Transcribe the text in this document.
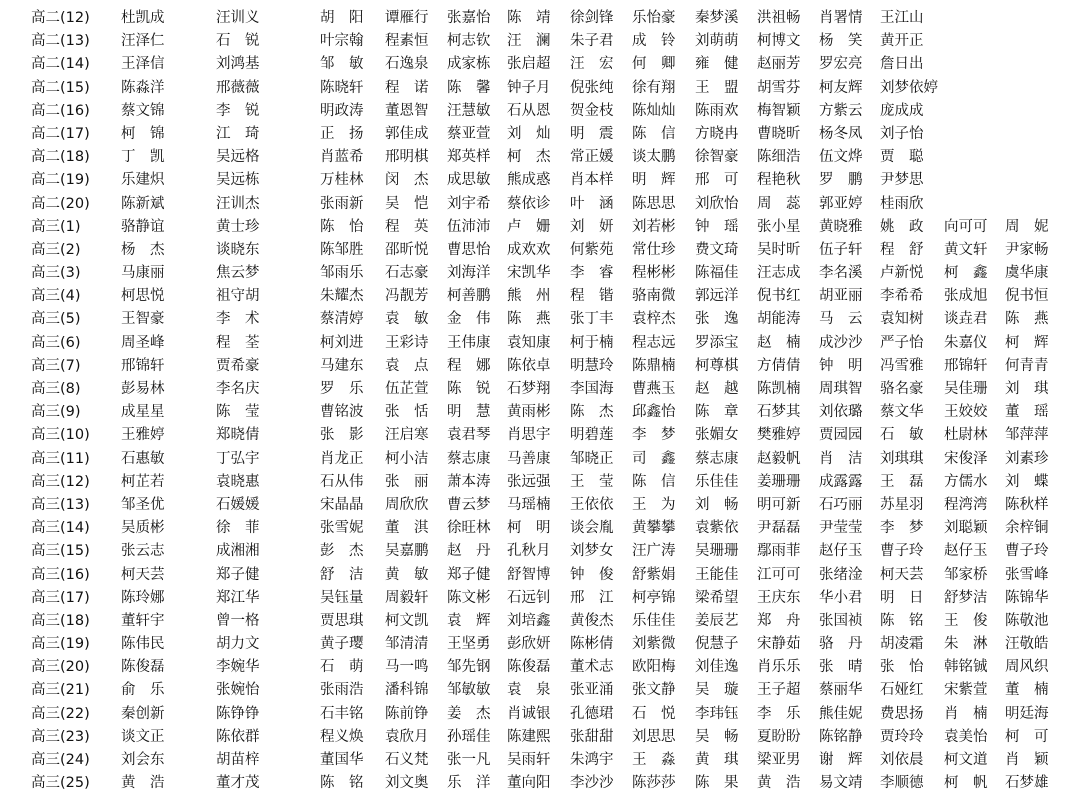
高二(12) 杜凯成	汪训义	胡　阳 谭雁行 张嘉怡 陈　靖 徐剑锋 乐怡豪 秦梦溪 洪祖畅 肖署情 王江山
高二(13) 汪泽仁	石　锐	叶宗翰 程素恒 柯志钦 汪　澜 朱子君 成　铃 刘萌萌 柯博文 杨　笑 黄开正
高二(14) 王泽信	刘鸿基	邹　敏 石逸泉 成家栋 张启超 汪　宏 何　卿 雍　健 赵丽芳 罗宏亮 詹日出
高二(15) 陈淼洋	邢薇薇	陈晓轩 程　诺 陈　馨 钟子月 倪张纯 徐有翔 王　盟 胡雪芬 柯友辉 刘梦依婷
高二(16) 蔡文锦	李　锐	明政涛 董恩智 汪慧敏 石从恩 贺金枝 陈灿灿 陈雨欢 梅智颖 方紫云 庞成成
高二(17) 柯　锦	江　琦	正　扬 郭佳成 蔡亚萱 刘　灿 明　震 陈　信 方晓冉 曹晓昕 杨冬凤 刘子怡
高二(18) 丁　凯	吴远格	肖蓝希 邢明棋 郑英样 柯　杰 常正媛 谈太鹏 徐智豪 陈细浩 伍文烨 贾　聪
高二(19) 乐建炽	吴远栋	万桂林 闵　杰 成思敏 熊成惑 肖本样 明　辉 邢　可 程艳秋 罗　鹏 尹梦思
高二(20) 陈新斌	汪训杰	张雨新 吴　恺 刘宇希 蔡依诊 叶　涵 陈思思 刘欣怡 周　蕊 郭亚婷 桂雨欣
高三(1)	骆静谊	黄士珍	陈　怡 程　英 伍沛沛 卢　姗 刘　妍 刘若彬 钟　瑶 张小星 黄晓雅 姚　政 向可可 周　妮
高三(2)	杨　杰	谈晓东	陈邹胜 邵昕悦 曹思怡 成欢欢 何紫苑 常仕珍 费文琦 吴时昕 伍子轩 程　舒 黄文轩 尹家畅
高三(3)	马康丽	焦云梦	邹雨乐 石志豪 刘海洋 宋凯华 李　睿 程彬彬 陈福佳 汪志成 李名溪 卢新悦 柯　鑫 虞华康
高三(4)	柯思悦	祖守胡	朱耀杰 冯靓芳 柯善鹏 熊　州 程　锴 骆南微 郭远洋 倪书红 胡亚丽 李希希 张成旭 倪书恒
高三(5)	王智豪	李　术	蔡清婷 袁　敏 金　伟 陈　燕 张丁丰 袁梓杰 张　逸 胡能涛 马　云 袁知树 谈垚君 陈　燕
高三(6)	周圣峰	程　荃	柯刘进 王彩诗 王伟康 袁知康 柯于楠 程志远 罗添宝 赵　楠 成沙沙 严子怡 朱嘉仪 柯　辉
高三(7)	邢锦轩	贾希豪	马建东 袁　点 程　娜 陈依卓 明慧玲 陈鼎楠 柯尊棋 方倩倩 钟　明 冯雪雅 邢锦轩 何青青
高三(8)	彭易林	李名庆	罗　乐 伍芷萱 陈　锐 石梦翔 李国海 曹燕玉 赵　越 陈凯楠 周琪智 骆名豪 吴佳珊 刘　琪
高三(9)	成星星	陈　莹	曹铭波 张　恬 明　慧 黄雨彬 陈　杰 邱鑫怡 陈　章 石梦其 刘依璐 蔡文华 王姣姣 董　瑶
高三(10) 王雅婷	郑晓倩	张　影 汪启寒 袁君琴 肖思宇 明碧莲 李　梦 张媚女 樊雅婷 贾园园 石　敏 杜尉林 邹萍萍
高三(11) 石惠敏	丁弘宇	肖龙正 柯小洁 蔡志康 马善康 邹晓正 司　鑫 蔡志康 赵毅帆 肖　洁 刘琪琪 宋俊泽 刘素珍
高三(12) 柯芷若	袁晓惠	石从伟 张　丽 萧本涛 张远强 王　莹 陈　信 乐佳佳 姜珊珊 成露露 王　磊 方儒水 刘　蝶
高三(13) 邹圣优	石媛媛	宋晶晶 周欣欣 曹云梦 马瑶楠 王依依 王　为 刘　畅 明可新 石巧丽 苏星羽 程湾湾 陈秋样
高三(14) 吴质彬	徐　菲	张雪妮 董　淇 徐旺林 柯　明 谈会胤 黄攀攀 袁紫依 尹磊磊 尹莹莹 李　梦 刘聪颖 余梓铜
高三(15) 张云志	成湘湘	彭　杰 吴嘉鹏 赵　丹 孔秋月 刘梦女 汪广涛 吴珊珊 鄢雨菲 赵仔玉 曹子玲 赵仔玉 曹子玲
高三(16) 柯天芸	郑子健	舒　洁 黄　敏 郑子健 舒智博 钟　俊 舒紫娟 王能佳 江可可 张绪淦 柯天芸 邹家桥 张雪峰
高三(17) 陈玲娜	郑江华	吴钰量 周毅轩 陈文彬 石远钊 邢　江 柯亭锦 梁希望 王庆东 华小君 明　日 舒梦洁 陈锦华
高三(18) 董轩宇	曾一格	贾思琪 柯文凯 袁　辉 刘培鑫 黄俊杰 乐佳佳 姜辰艺 郑　舟 张国祯 陈　铭 王　俊 陈敬池
高三(19) 陈伟民	胡力文	黄子璎 邹清清 王坚勇 彭欣妍 陈彬倩 刘紫微 倪慧子 宋静茹 骆　丹 胡凌霜 朱　淋 汪敬皓
高三(20) 陈俊磊	李婉华	石　萌 马一鸣 邹先钢 陈俊磊 董术志 欧阳梅 刘佳逸 肖乐乐 张　晴 张　怡 韩铭铖 周风织
高三(21) 俞　乐	张婉怡	张雨浩 潘科锦 邹敏敏 袁　泉 张亚涌 张文静 吴　璇 王子超 蔡丽华 石娅红 宋紫萱 董　楠
高三(22) 秦创新	陈铮铮	石丰铭 陈前铮 姜　杰 肖诚银 孔德珺 石　悦 李玮钰 李　乐 熊佳妮 费思扬 肖　楠 明廷海
高三(23) 谈文正	陈依群	程义焕 袁欣月 孙瑶佳 陈建熙 张甜甜 刘思思 吴　畅 夏盼盼 陈铭静 贾玲玲 袁美怡 柯　可
高三(24) 刘会东	胡苗梓	董国华 石义梵 张一凡 吴雨轩 朱鸿宇 王　淼 黄　琪 梁亚男 谢　辉 刘依晨 柯文道 肖　颖
高三(25) 黄　浩	董才茂	陈　铭 刘文奥 乐　洋 董向阳 李沙沙 陈莎莎 陈　果 黄　浩 易文靖 李顺德 柯　帆 石梦雄
